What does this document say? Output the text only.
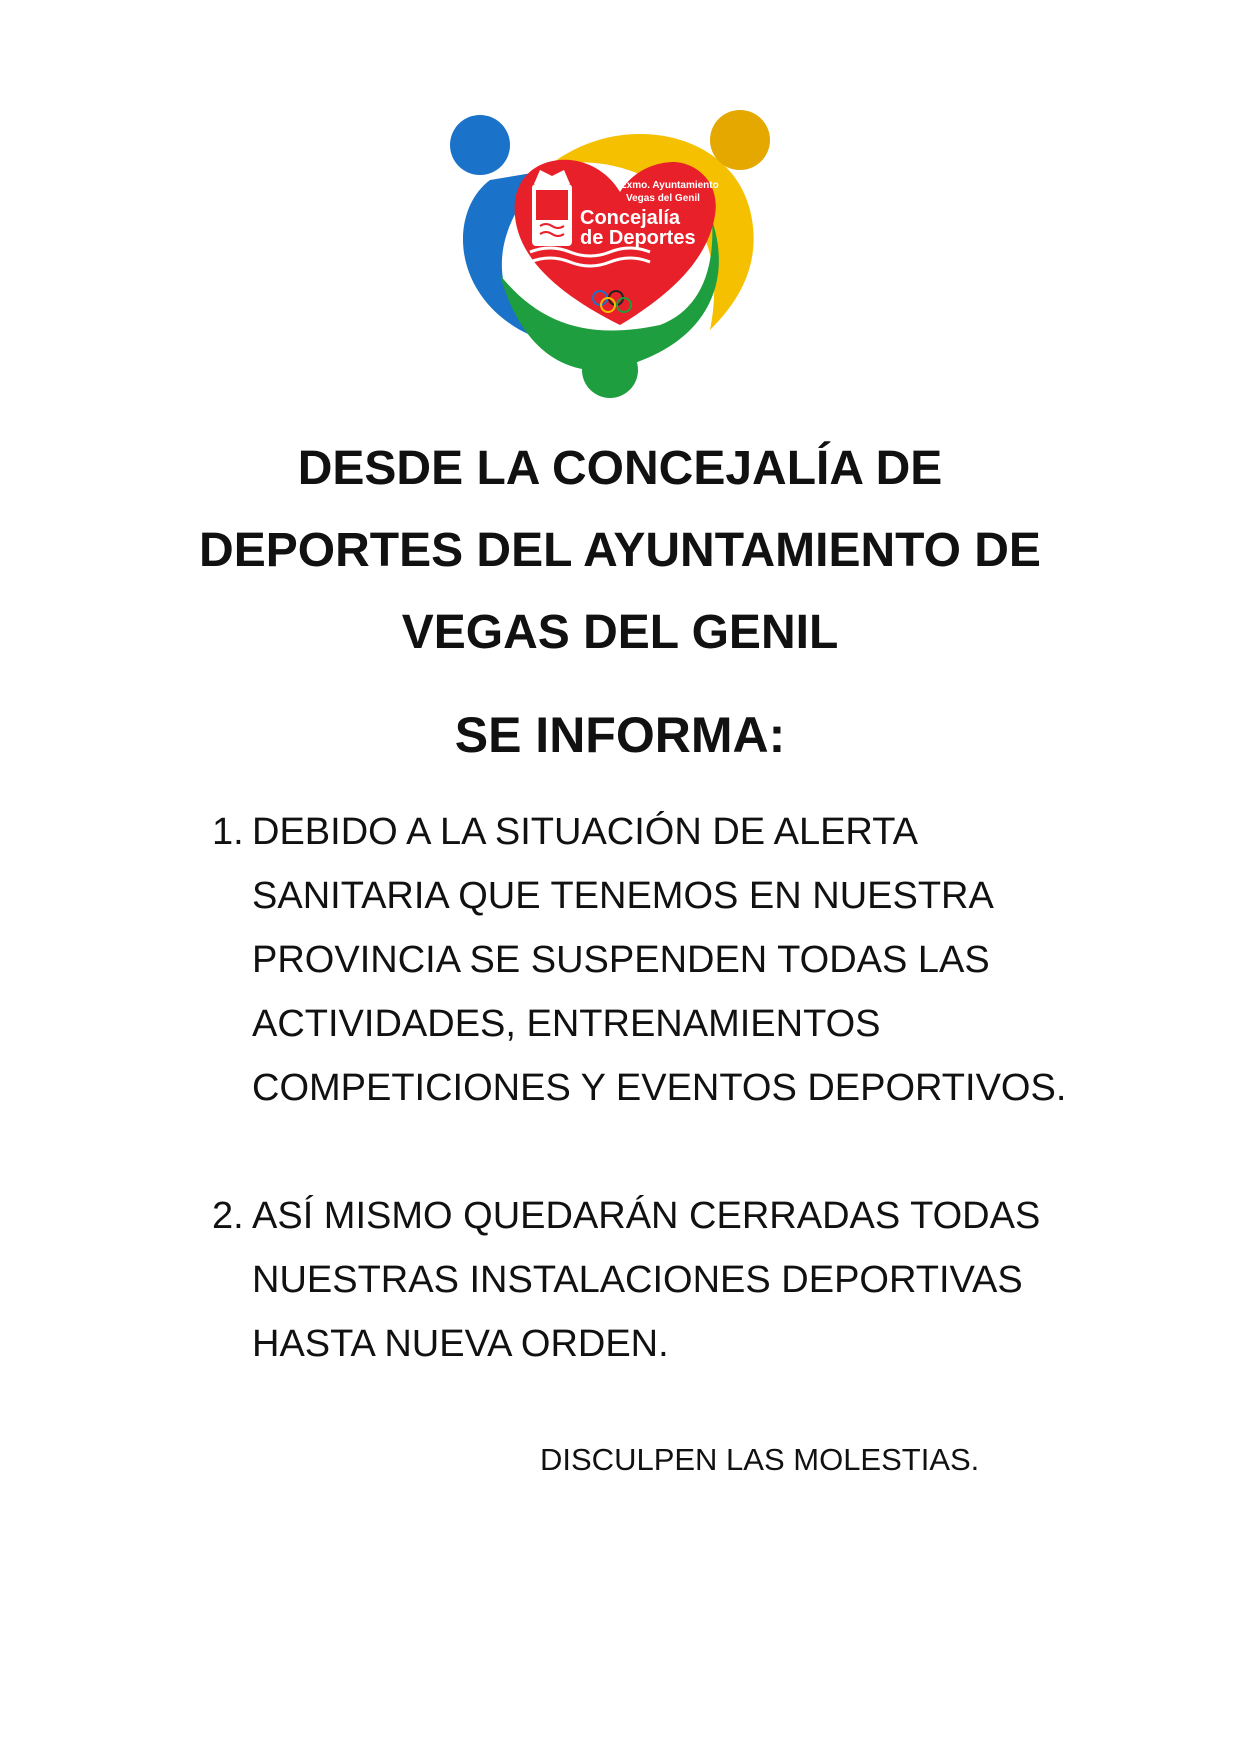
Exmo. Ayuntamiento
Vegas del Genil
Concejalía
de Deportes
DESDE LA CONCEJALÍA DE
DEPORTES DEL AYUNTAMIENTO DE
VEGAS DEL GENIL
SE INFORMA:
1. DEBIDO A LA SITUACIÓN DE ALERTA
SANITARIA QUE TENEMOS EN NUESTRA
PROVINCIA SE SUSPENDEN TODAS LAS
ACTIVIDADES, ENTRENAMIENTOS
COMPETICIONES Y EVENTOS DEPORTIVOS.
2. ASÍ MISMO QUEDARÁN CERRADAS TODAS
NUESTRAS INSTALACIONES DEPORTIVAS
HASTA NUEVA ORDEN.

DISCULPEN LAS MOLESTIAS.
